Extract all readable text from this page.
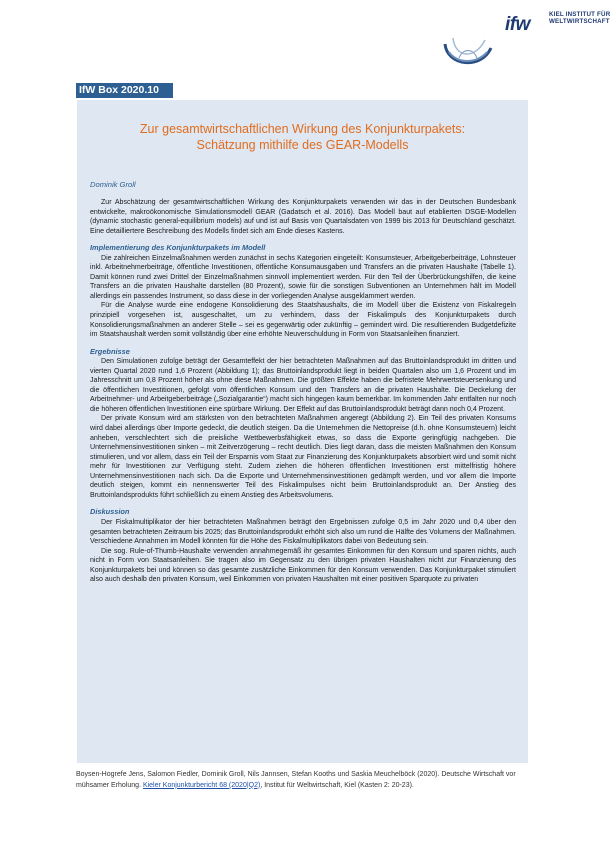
ifw	KIEL INSTITUT FÜR
WELTWIRTSCHAFT
IfW Box 2020.10
Zur gesamtwirtschaftlichen Wirkung des Konjunkturpakets:
Schätzung mithilfe des GEAR-Modells
Dominik Groll

Zur Abschätzung der gesamtwirtschaftlichen Wirkung des Konjunkturpakets verwenden wir das in der Deutschen Bundesbank entwickelte, makroökonomische Simulationsmodell GEAR (Gadatsch et al. 2016). Das Modell baut auf etablierten DSGE-Modellen (dynamic stochastic general-equilibrium models) auf und ist auf Basis von Quartalsdaten von 1999 bis 2013 für Deutschland geschätzt. Eine detailliertere Beschreibung des Modells findet sich am Ende dieses Kastens.

Implementierung des Konjunkturpakets im Modell

Die zahlreichen Einzelmaßnahmen werden zunächst in sechs Kategorien eingeteilt: Konsumsteuer, Arbeitgeberbeiträge, Lohnsteuer inkl. Arbeitnehmerbeiträge, öffentliche Investitionen, öffentliche Konsumausgaben und Transfers an die privaten Haushalte (Tabelle 1). Damit können rund zwei Drittel der Einzelmaßnahmen sinnvoll implementiert werden. Für den Teil der Überbrückungshilfen, die keine Transfers an die privaten Haushalte darstellen (80 Prozent), sowie für die sonstigen Subventionen an Unternehmen hält im Modell allerdings ein passendes Instrument, so dass diese in der vorliegenden Analyse ausgeklammert werden.

Für die Analyse wurde eine endogene Konsolidierung des Staatshaushalts, die im Modell über die Existenz von Fiskalregeln prinzipiell vorgesehen ist, ausgeschaltet, um zu verhindern, dass der Fiskalimpuls des Konjunkturpakets durch Konsolidierungsmaßnahmen an anderer Stelle – sei es gegenwärtig oder zukünftig – gemindert wird. Die resultierenden Budgetdefizite im Staatshaushalt werden somit vollständig über eine erhöhte Neuverschuldung in Form von Staatsanleihen finanziert.

Ergebnisse

Den Simulationen zufolge beträgt der Gesamteffekt der hier betrachteten Maßnahmen auf das Bruttoinlandsprodukt im dritten und vierten Quartal 2020 rund 1,6 Prozent (Abbildung 1); das Bruttoinlandsprodukt liegt in beiden Quartalen also um 1,6 Prozent und im Jahresschnitt um 0,8 Prozent höher als ohne diese Maßnahmen. Die größten Effekte haben die befristete Mehrwertsteuersenkung und die öffentlichen Investitionen, gefolgt vom öffentlichen Konsum und den Transfers an die privaten Haushalte. Die Deckelung der Arbeitnehmer- und Arbeitgeberbeiträge („Sozialgarantie“) macht sich hingegen kaum bemerkbar. Im kommenden Jahr entfalten nur noch die höheren öffentlichen Investitionen eine spürbare Wirkung. Der Effekt auf das Bruttoinlandsprodukt beträgt dann noch 0,4 Prozent.

Der private Konsum wird am stärksten von den betrachteten Maßnahmen angeregt (Abbildung 2). Ein Teil des privaten Konsums wird dabei allerdings über Importe gedeckt, die deutlich steigen. Da die Unternehmen die Nettopreise (d.h. ohne Konsumsteuern) leicht anheben, verschlechtert sich die preisliche Wettbewerbsfähigkeit etwas, so dass die Exporte geringfügig nachgeben. Die Unternehmensinvestitionen sinken – mit Zeitverzögerung – recht deutlich. Dies liegt daran, dass die meisten Maßnahmen den Konsum stimulieren, und vor allem, dass ein Teil der Ersparnis vom Staat zur Finanzierung des Konjunkturpakets absorbiert wird und somit nicht mehr für Investitionen zur Verfügung steht. Zudem ziehen die höheren öffentlichen Investitionen erst mittelfristig höhere Unternehmensinvestitionen nach sich. Da die Exporte und Unternehmensinvestitionen gedämpft werden, und vor allem die Importe deutlich steigen, kommt ein nennenswerter Teil des Fiskalimpulses nicht beim Bruttoinlandsprodukt an. Der Anstieg des Bruttoinlandsprodukts führt schließlich zu einem Anstieg des Arbeitsvolumens.

Diskussion

Der Fiskalmultiplikator der hier betrachteten Maßnahmen beträgt den Ergebnissen zufolge 0,5 im Jahr 2020 und 0,4 über den gesamten betrachteten Zeitraum bis 2025; das Bruttoinlandsprodukt erhöht sich also um rund die Hälfte des Volumens der Maßnahmen. Verschiedene Annahmen im Modell könnten für die Höhe des Fiskalmultiplikators dabei von Bedeutung sein.

Die sog. Rule-of-Thumb-Haushalte verwenden annahmegemäß ihr gesamtes Einkommen für den Konsum und sparen nichts, auch nicht in Form von Staatsanleihen. Sie tragen also im Gegensatz zu den übrigen privaten Haushalten nicht zur Finanzierung des Konjunkturpakets bei und können so das gesamte zusätzliche Einkommen für den Konsum verwenden. Das Konjunkturpaket stimuliert also auch deshalb den privaten Konsum, weil Einkommen von privaten Haushalten mit einer positiven Sparquote zu privaten

Boysen-Hogrefe Jens, Salomon Fiedler, Dominik Groll, Nils Jannsen, Stefan Kooths und Saskia Meuchelböck (2020). Deutsche Wirtschaft vor mühsamer Erholung. Kieler Konjunkturbericht 68 (2020|Q2), Institut für Weltwirtschaft, Kiel (Kasten 2: 20-23).
